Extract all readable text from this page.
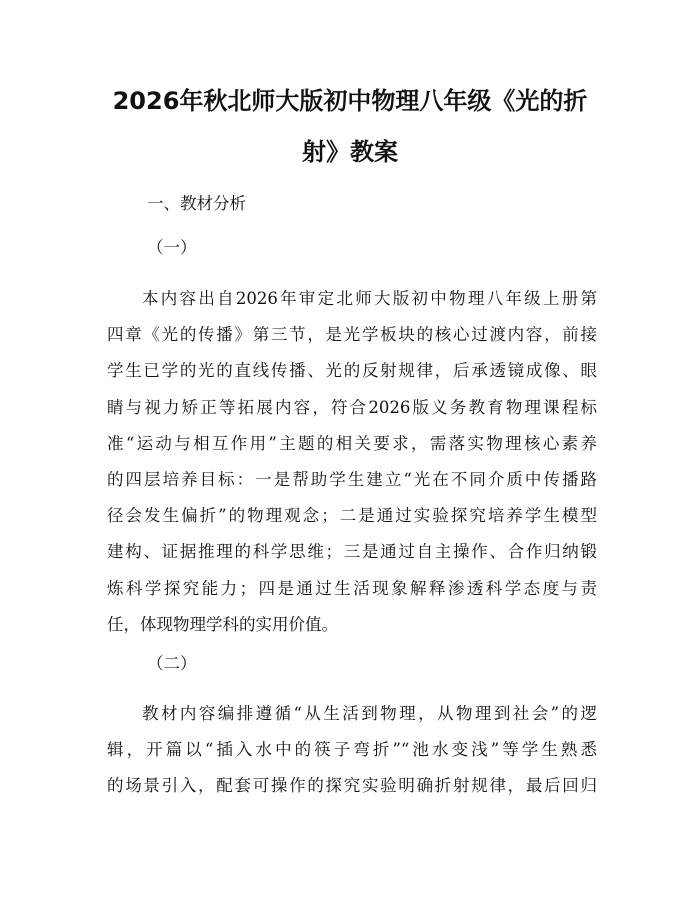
2026年秋北师大版初中物理八年级《光的折
射》教案

一、教材分析

（一）

本内容出自2026年审定北师大版初中物理八年级上册第
四章《光的传播》第三节，是光学板块的核心过渡内容，前接
学生已学的光的直线传播、光的反射规律，后承透镜成像、眼
睛与视力矫正等拓展内容，符合2026版义务教育物理课程标
准“运动与相互作用”主题的相关要求，需落实物理核心素养
的四层培养目标：一是帮助学生建立“光在不同介质中传播路
径会发生偏折”的物理观念；二是通过实验探究培养学生模型
建构、证据推理的科学思维；三是通过自主操作、合作归纳锻
炼科学探究能力；四是通过生活现象解释渗透科学态度与责
任，体现物理学科的实用价值。

（二）

教材内容编排遵循“从生活到物理，从物理到社会”的逻
辑，开篇以“插入水中的筷子弯折”“池水变浅”等学生熟悉
的场景引入，配套可操作的探究实验明确折射规律，最后回归
